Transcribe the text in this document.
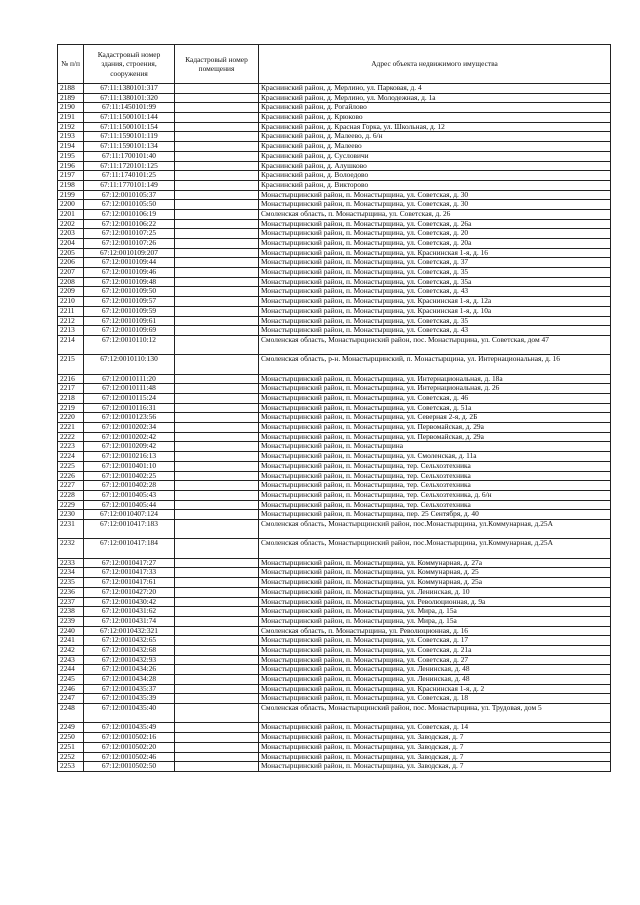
№ п/п	Кадастровый номер здания, строения, сооружения	Кадастровый номер помещения	Адрес объекта недвижимого имущества
2188	67:11:1380101:317		Краснинский район, д. Мерлино, ул. Парковая, д. 4
2189	67:11:1380101:320		Краснинский район, д. Мерлино, ул. Молодежная, д. 1а
2190	67:11:1450101:99		Краснинский район, д. Рогайлово
2191	67:11:1500101:144		Краснинский район, д. Крюково
2192	67:11:1500101:154		Краснинский район, д. Красная Горка, ул. Школьная, д. 12
2193	67:11:1590101:119		Краснинский район, д. Малеево, д. 6/н
2194	67:11:1590101:134		Краснинский район, д. Малеево
2195	67:11:1700101:40		Краснинский район, д. Сусловичи
2196	67:11:1720101:125		Краснинский район, д. Алушково
2197	67:11:1740101:25		Краснинский район, д. Волоедово
2198	67:11:1770101:149		Краснинский район, д. Викторово
2199	67:12:0010105:37		Монастырщинский район, п. Монастырщина, ул. Советская, д. 30
2200	67:12:0010105:50		Монастырщинский район, п. Монастырщина, ул. Советская, д. 30
2201	67:12:0010106:19		Смоленская область, п. Монастырщина, ул. Советская, д. 26
2202	67:12:0010106:22		Монастырщинский район, п. Монастырщина, ул. Советская, д. 26а
2203	67:12:0010107:25		Монастырщинский район, п. Монастырщина, ул. Советская, д. 20
2204	67:12:0010107:26		Монастырщинский район, п. Монастырщина, ул. Советская, д. 20а
2205	67:12:0010109:207		Монастырщинский район, п. Монастырщина, ул. Краснинская 1-я, д. 16
2206	67:12:0010109:44		Монастырщинский район, п. Монастырщина, ул. Советская, д. 37
2207	67:12:0010109:46		Монастырщинский район, п. Монастырщина, ул. Советская, д. 35
2208	67:12:0010109:48		Монастырщинский район, п. Монастырщина, ул. Советская, д. 35а
2209	67:12:0010109:50		Монастырщинский район, п. Монастырщина, ул. Советская, д. 43
2210	67:12:0010109:57		Монастырщинский район, п. Монастырщина, ул. Краснинская 1-я, д. 12а
2211	67:12:0010109:59		Монастырщинский район, п. Монастырщина, ул. Краснинская 1-я, д. 10а
2212	67:12:0010109:61		Монастырщинский район, п. Монастырщина, ул. Советская, д. 35
2213	67:12:0010109:69		Монастырщинский район, п. Монастырщина, ул. Советская, д. 43
2214	67:12:0010110:12		Смоленская область, Монастырщинский район, пос. Монастырщина, ул. Советская, дом 47
2215	67:12:0010110:130		Смоленская область, р-н. Монастырщинский, п. Монастырщина, ул. Интернациональная, д. 16
2216	67:12:0010111:20		Монастырщинский район, п. Монастырщина, ул. Интернациональная, д. 18а
2217	67:12:0010111:48		Монастырщинский район, п. Монастырщина, ул. Интернациональная, д. 26
2218	67:12:0010115:24		Монастырщинский район, п. Монастырщина, ул. Советская, д. 46
2219	67:12:0010116:31		Монастырщинский район, п. Монастырщина, ул. Советская, д. 51а
2220	67:12:0010123:56		Монастырщинский район, п. Монастырщина, ул. Северная 2-я, д. 2Б
2221	67:12:0010202:34		Монастырщинский район, п. Монастырщина, ул. Первомайская, д. 29а
2222	67:12:0010202:42		Монастырщинский район, п. Монастырщина, ул. Первомайская, д. 29а
2223	67:12:0010209:42		Монастырщинский район, п. Монастырщина
2224	67:12:0010216:13		Монастырщинский район, п. Монастырщина, ул. Смоленская, д. 11а
2225	67:12:0010401:10		Монастырщинский район, п. Монастырщина, тер. Сельхозтехника
2226	67:12:0010402:25		Монастырщинский район, п. Монастырщина, тер. Сельхозтехника
2227	67:12:0010402:28		Монастырщинский район, п. Монастырщина, тер. Сельхозтехника
2228	67:12:0010405:43		Монастырщинский район, п. Монастырщина, тер. Сельхозтехника, д. 6/н
2229	67:12:0010405:44		Монастырщинский район, п. Монастырщина, тер. Сельхозтехника
2230	67:12:0010407:124		Монастырщинский район, п. Монастырщина, пер. 25 Сентября, д. 40
2231	67:12:0010417:183		Смоленская область, Монастырщинский район, пос.Монастырщина, ул.Коммунарная, д.25А
2232	67:12:0010417:184		Смоленская область, Монастырщинский район, пос.Монастырщина, ул.Коммунарная, д.25А
2233	67:12:0010417:27		Монастырщинский район, п. Монастырщина, ул. Коммунарная, д. 27а
2234	67:12:0010417:33		Монастырщинский район, п. Монастырщина, ул. Коммунарная, д. 25
2235	67:12:0010417:61		Монастырщинский район, п. Монастырщина, ул. Коммунарная, д. 25а
2236	67:12:0010427:20		Монастырщинский район, п. Монастырщина, ул. Ленинская, д. 10
2237	67:12:0010430:42		Монастырщинский район, п. Монастырщина, ул. Революционная, д. 9а
2238	67:12:0010431:62		Монастырщинский район, п. Монастырщина, ул. Мира, д. 15а
2239	67:12:0010431:74		Монастырщинский район, п. Монастырщина, ул. Мира, д. 15а
2240	67:12:0010432:321		Смоленская область, п. Монастырщина, ул. Революционная, д. 16
2241	67:12:0010432:65		Монастырщинский район, п. Монастырщина, ул. Советская, д. 17
2242	67:12:0010432:68		Монастырщинский район, п. Монастырщина, ул. Советская, д. 21а
2243	67:12:0010432:93		Монастырщинский район, п. Монастырщина, ул. Советская, д. 27
2244	67:12:0010434:26		Монастырщинский район, п. Монастырщина, ул. Ленинская, д. 48
2245	67:12:0010434:28		Монастырщинский район, п. Монастырщина, ул. Ленинская, д. 48
2246	67:12:0010435:37		Монастырщинский район, п. Монастырщина, ул. Краснинская 1-я, д. 2
2247	67:12:0010435:39		Монастырщинский район, п. Монастырщина, ул. Советская, д. 18
2248	67:12:0010435:40		Смоленская область, Монастырщинский район, пос. Монастырщина, ул. Трудовая, дом 5
2249	67:12:0010435:49		Монастырщинский район, п. Монастырщина, ул. Советская, д. 14
2250	67:12:0010502:16		Монастырщинский район, п. Монастырщина, ул. Заводская, д. 7
2251	67:12:0010502:20		Монастырщинский район, п. Монастырщина, ул. Заводская, д. 7
2252	67:12:0010502:46		Монастырщинский район, п. Монастырщина, ул. Заводская, д. 7
2253	67:12:0010502:50		Монастырщинский район, п. Монастырщина, ул. Заводская, д. 7
